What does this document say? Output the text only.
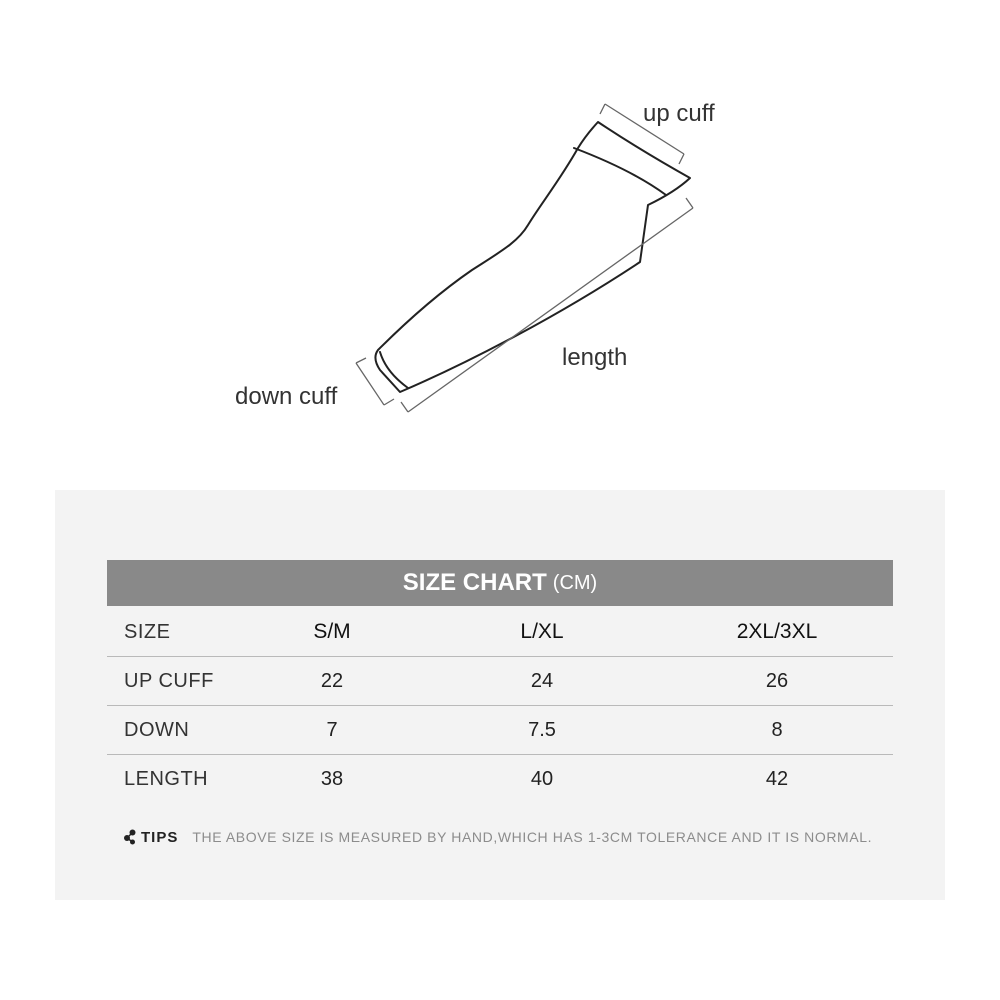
up cuff
length
down cuff
SIZE CHART (CM)
SIZE	S/M	L/XL	2XL/3XL
UP CUFF	22	24	26
DOWN	7	7.5	8
LENGTH	38	40	42
TIPS THE ABOVE SIZE IS MEASURED BY HAND,WHICH HAS 1-3CM TOLERANCE AND IT IS NORMAL.
